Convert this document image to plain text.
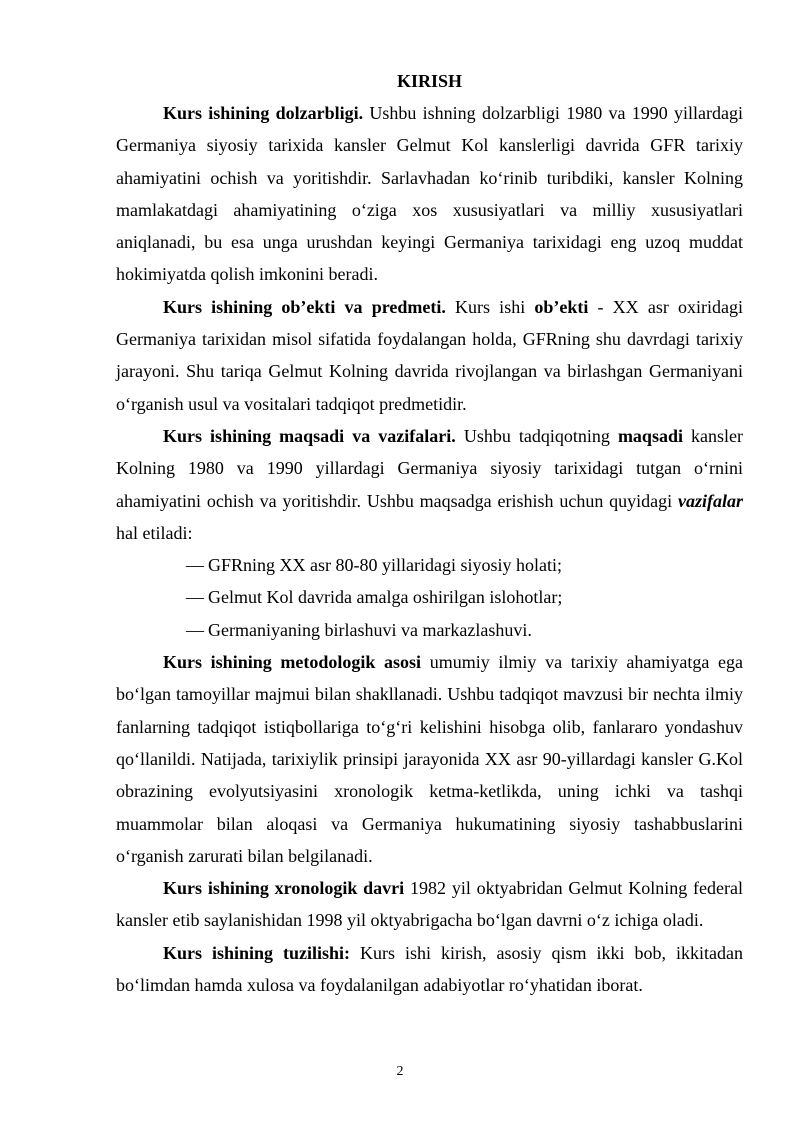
KIRISH

Kurs ishining dolzarbligi. Ushbu ishning dolzarbligi 1980 va 1990 yillardagi Germaniya siyosiy tarixida kansler Gelmut Kol kanslerligi davrida GFR tarixiy ahamiyatini ochish va yoritishdir. Sarlavhadan ko‘rinib turibdiki, kansler Kolning mamlakatdagi ahamiyatining o‘ziga xos xususiyatlari va milliy xususiyatlari aniqlanadi, bu esa unga urushdan keyingi Germaniya tarixidagi eng uzoq muddat hokimiyatda qolish imkonini beradi.

Kurs ishining ob’ekti va predmeti. Kurs ishi ob’ekti - XX asr oxiridagi Germaniya tarixidan misol sifatida foydalangan holda, GFRning shu davrdagi tarixiy jarayoni. Shu tariqa Gelmut Kolning davrida rivojlangan va birlashgan Germaniyani o‘rganish usul va vositalari tadqiqot predmetidir.

Kurs ishining maqsadi va vazifalari. Ushbu tadqiqotning maqsadi kansler Kolning 1980 va 1990 yillardagi Germaniya siyosiy tarixidagi tutgan o‘rnini ahamiyatini ochish va yoritishdir. Ushbu maqsadga erishish uchun quyidagi vazifalar hal etiladi:

— GFRning XX asr 80-80 yillaridagi siyosiy holati;
— Gelmut Kol davrida amalga oshirilgan islohotlar;
— Germaniyaning birlashuvi va markazlashuvi.

Kurs ishining metodologik asosi umumiy ilmiy va tarixiy ahamiyatga ega bo‘lgan tamoyillar majmui bilan shakllanadi. Ushbu tadqiqot mavzusi bir nechta ilmiy fanlarning tadqiqot istiqbollariga to‘g‘ri kelishini hisobga olib, fanlararo yondashuv qo‘llanildi. Natijada, tarixiylik prinsipi jarayonida XX asr 90-yillardagi kansler G.Kol obrazining evolyutsiyasini xronologik ketma-ketlikda, uning ichki va tashqi muammolar bilan aloqasi va Germaniya hukumatining siyosiy tashabbuslarini o‘rganish zarurati bilan belgilanadi.

Kurs ishining xronologik davri 1982 yil oktyabridan Gelmut Kolning federal kansler etib saylanishidan 1998 yil oktyabrigacha bo‘lgan davrni o‘z ichiga oladi.

Kurs ishining tuzilishi: Kurs ishi kirish, asosiy qism ikki bob, ikkitadan bo‘limdan hamda xulosa va foydalanilgan adabiyotlar ro‘yhatidan iborat.

2
